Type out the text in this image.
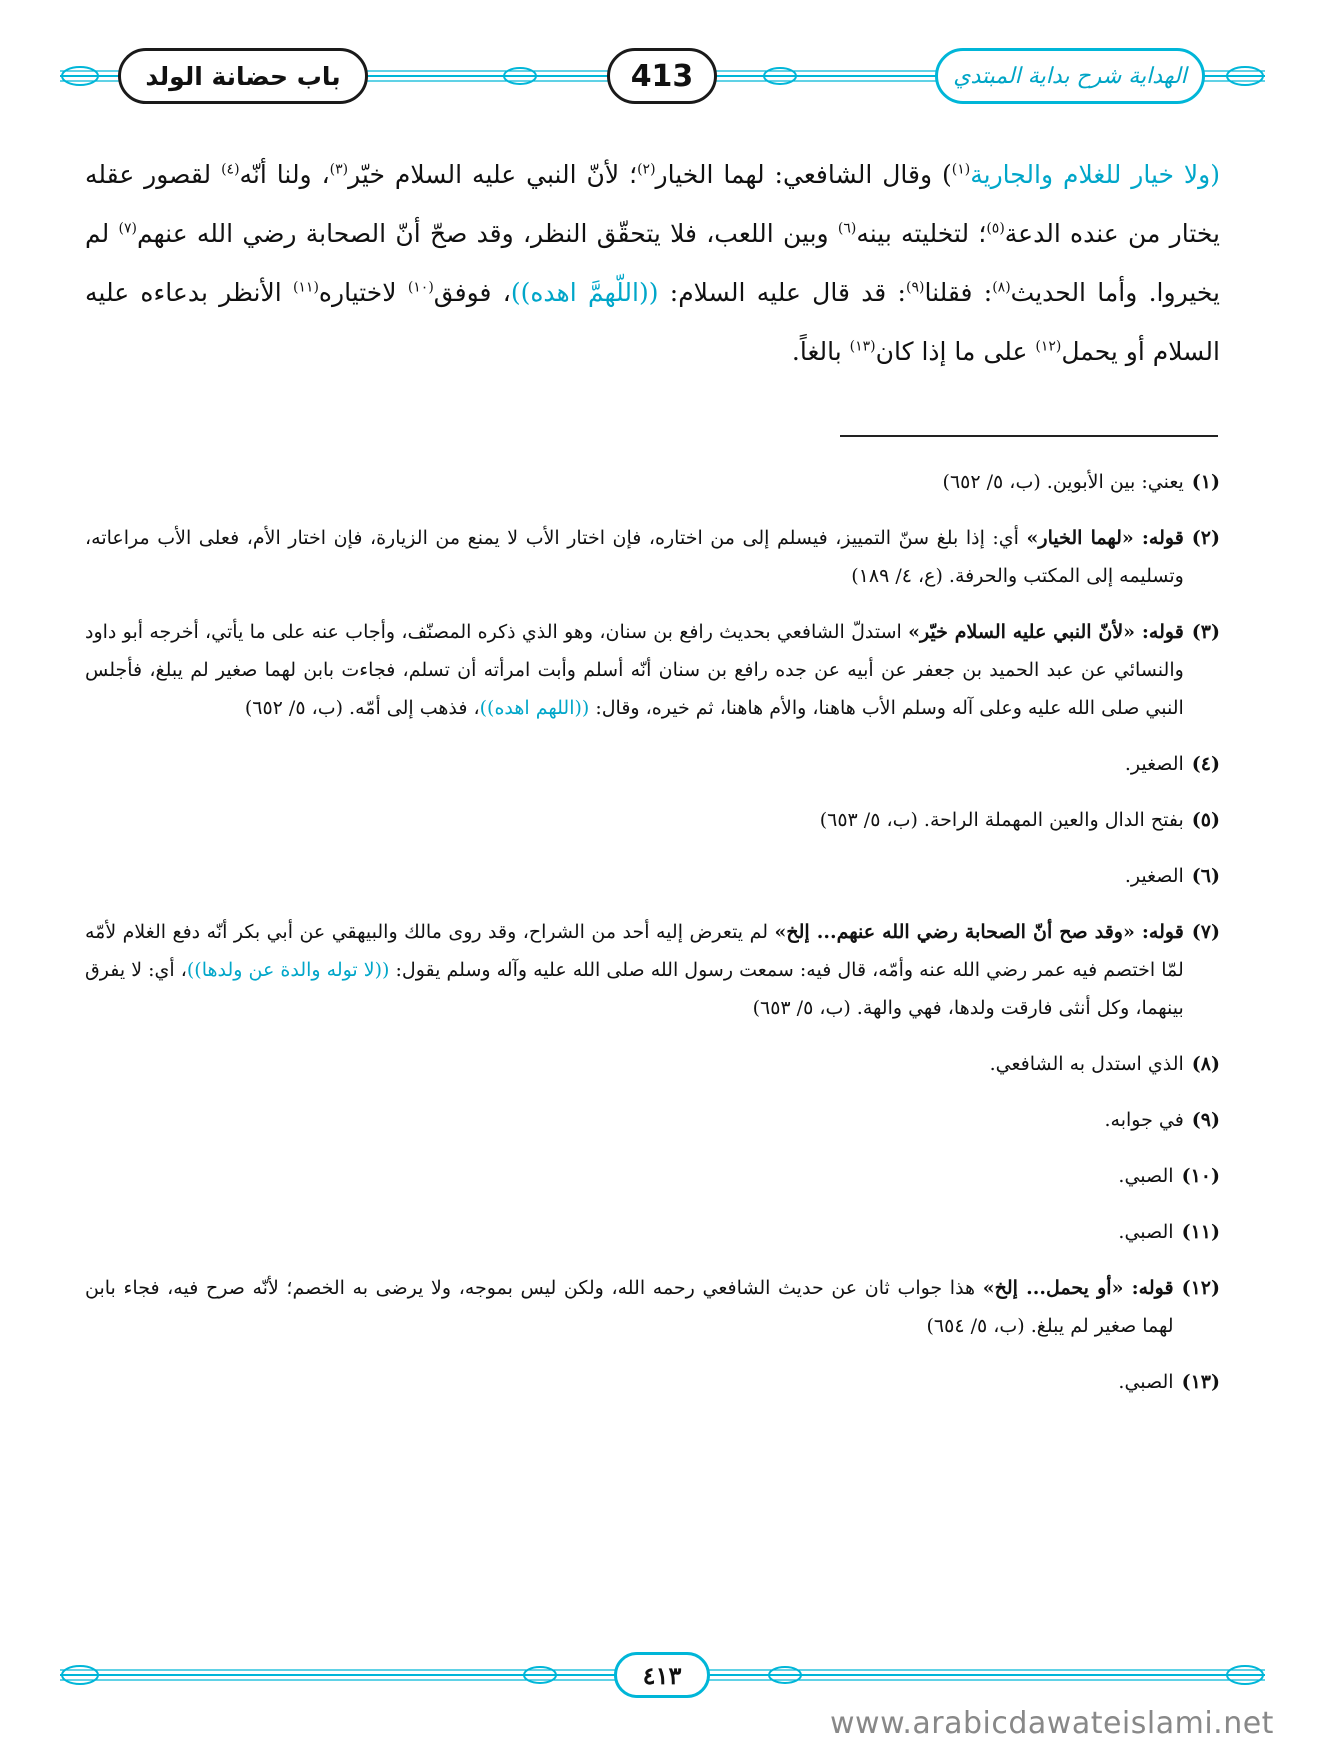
باب حضانة الولد	413	الهداية شرح بداية المبتدي

(ولا خيار للغلام والجارية$^{(١)}$) وقال الشافعي: لهما الخيار$^{(٢)}$؛ لأنّ النبي عليه السلام خيّر$^{(٣)}$، ولنا أنّه$^{(٤)}$ لقصور عقله يختار من عنده الدعة$^{(٥)}$؛ لتخليته بينه$^{(٦)}$ وبين اللعب، فلا يتحقّق النظر، وقد صحّ أنّ الصحابة رضي الله عنهم$^{(٧)}$ لم يخيروا. وأما الحديث$^{(٨)}$: فقلنا$^{(٩)}$: قد قال عليه السلام: ((اللّهمَّ اهده))، فوفق$^{(١٠)}$ لاختياره$^{(١١)}$ الأنظر بدعاءه عليه السلام أو يحمل$^{(١٢)}$ على ما إذا كان$^{(١٣)}$ بالغاً.

(١)
يعني: بين الأبوين. (ب، ٥/ ٦٥٢)
(٢)
قوله: «لهما الخيار» أي: إذا بلغ سنّ التمييز، فيسلم إلى من اختاره، فإن اختار الأب لا يمنع من الزيارة، فإن اختار الأم، فعلى الأب مراعاته، وتسليمه إلى المكتب والحرفة. (ع، ٤/ ١٨٩)
(٣)
قوله: «لأنّ النبي عليه السلام خيّر» استدلّ الشافعي بحديث رافع بن سنان، وهو الذي ذكره المصنّف، وأجاب عنه على ما يأتي، أخرجه أبو داود والنسائي عن عبد الحميد بن جعفر عن أبيه عن جده رافع بن سنان أنّه أسلم وأبت امرأته أن تسلم، فجاءت بابن لهما صغير لم يبلغ، فأجلس النبي صلى الله عليه وعلى آله وسلم الأب هاهنا، والأم هاهنا، ثم خيره، وقال: ((اللهم اهده))، فذهب إلى أمّه. (ب، ٥/ ٦٥٢)
(٤)
الصغير.
(٥)
بفتح الدال والعين المهملة الراحة. (ب، ٥/ ٦٥٣)
(٦)
الصغير.
(٧)
قوله: «وقد صح أنّ الصحابة رضي الله عنهم... إلخ» لم يتعرض إليه أحد من الشراح، وقد روى مالك والبيهقي عن أبي بكر أنّه دفع الغلام لأمّه لمّا اختصم فيه عمر رضي الله عنه وأمّه، قال فيه: سمعت رسول الله صلى الله عليه وآله وسلم يقول: ((لا توله والدة عن ولدها))، أي: لا يفرق بينهما، وكل أنثى فارقت ولدها، فهي والهة. (ب، ٥/ ٦٥٣)
(٨)
الذي استدل به الشافعي.
(٩)
في جوابه.
(١٠)
الصبي.
(١١)
الصبي.
(١٢)
قوله: «أو يحمل... إلخ» هذا جواب ثان عن حديث الشافعي رحمه الله، ولكن ليس بموجه، ولا يرضى به الخصم؛ لأنّه صرح فيه، فجاء بابن لهما صغير لم يبلغ. (ب، ٥/ ٦٥٤)
(١٣)
الصبي.
٤١٣
www.arabicdawateislami.net
